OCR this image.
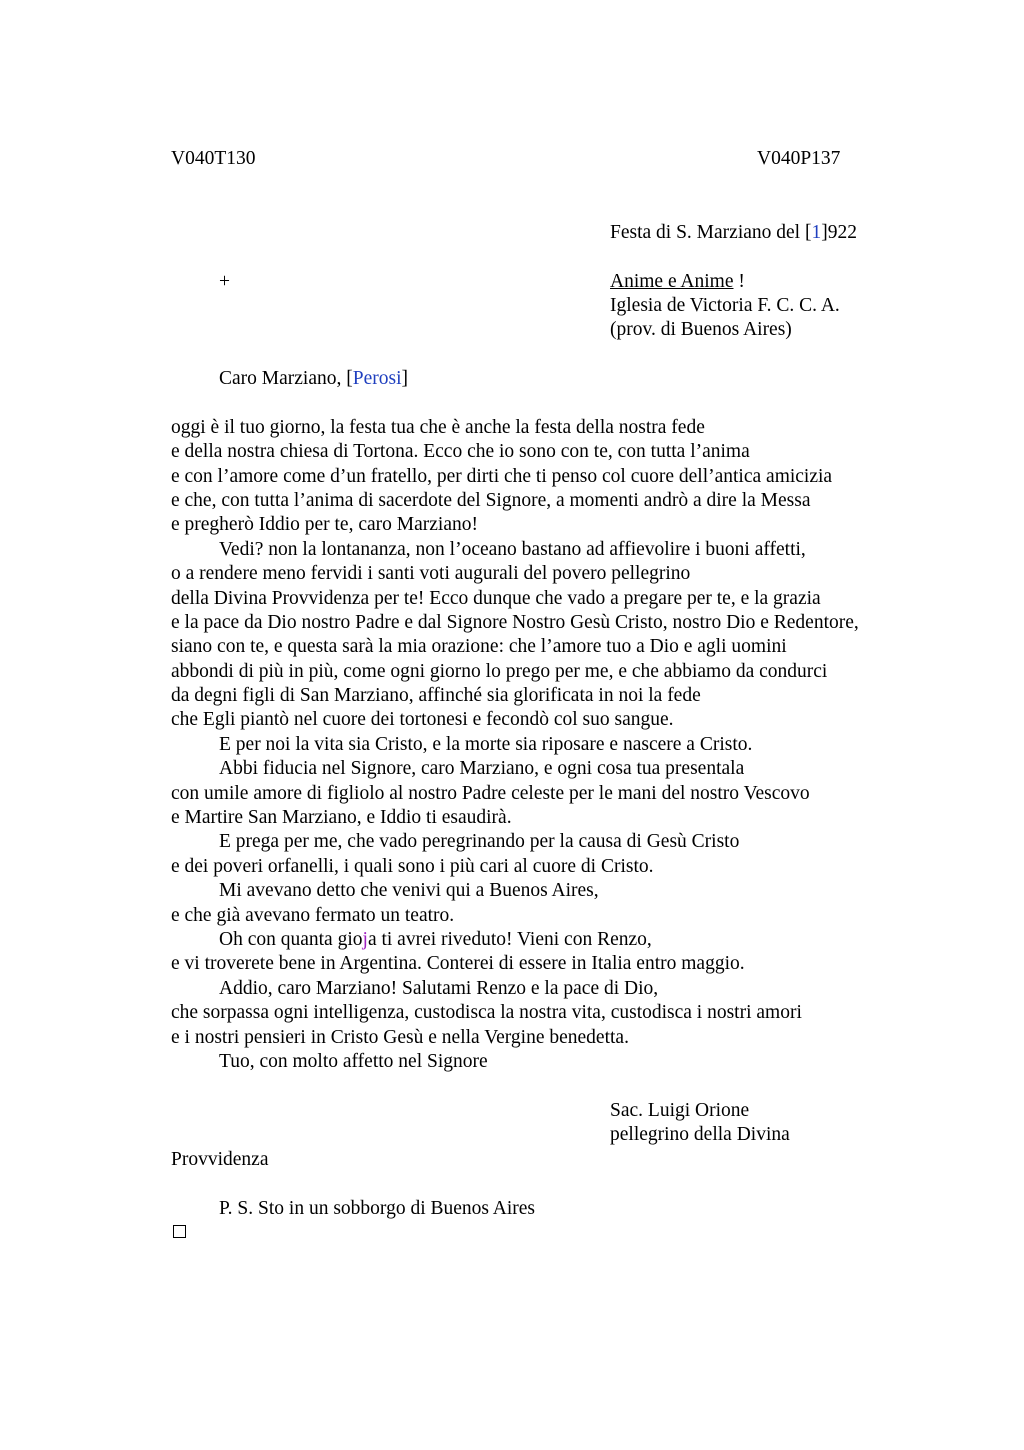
V040T130	V040P137
Festa di S. Marziano del [1]922
+	Anime e Anime !
Iglesia de Victoria F. C. C. A.
(prov. di Buenos Aires)
Caro Marziano, [Perosi]
oggi è il tuo giorno, la festa tua che è anche la festa della nostra fede
e della nostra chiesa di Tortona. Ecco che io sono con te, con tutta l’anima
e con l’amore come d’un fratello, per dirti che ti penso col cuore dell’antica amicizia
e che, con tutta l’anima di sacerdote del Signore, a momenti andrò a dire la Messa
e pregherò Iddio per te, caro Marziano!
Vedi? non la lontananza, non l’oceano bastano ad affievolire i buoni affetti,
o a rendere meno fervidi i santi voti augurali del povero pellegrino
della Divina Provvidenza per te! Ecco dunque che vado a pregare per te, e la grazia
e la pace da Dio nostro Padre e dal Signore Nostro Gesù Cristo, nostro Dio e Redentore,
siano con te, e questa sarà la mia orazione: che l’amore tuo a Dio e agli uomini
abbondi di più in più, come ogni giorno lo prego per me, e che abbiamo da condurci
da degni figli di San Marziano, affinché sia glorificata in noi la fede
che Egli piantò nel cuore dei tortonesi e fecondò col suo sangue.
E per noi la vita sia Cristo, e la morte sia riposare e nascere a Cristo.
Abbi fiducia nel Signore, caro Marziano, e ogni cosa tua presentala
con umile amore di figliolo al nostro Padre celeste per le mani del nostro Vescovo
e Martire San Marziano, e Iddio ti esaudirà.
E prega per me, che vado peregrinando per la causa di Gesù Cristo
e dei poveri orfanelli, i quali sono i più cari al cuore di Cristo.
Mi avevano detto che venivi qui a Buenos Aires,
e che già avevano fermato un teatro.
Oh con quanta gioja ti avrei riveduto! Vieni con Renzo,
e vi troverete bene in Argentina. Conterei di essere in Italia entro maggio.
Addio, caro Marziano! Salutami Renzo e la pace di Dio,
che sorpassa ogni intelligenza, custodisca la nostra vita, custodisca i nostri amori
e i nostri pensieri in Cristo Gesù e nella Vergine benedetta.
Tuo, con molto affetto nel Signore
Sac. Luigi Orione
pellegrino della Divina
Provvidenza
P. S. Sto in un sobborgo di Buenos Aires
